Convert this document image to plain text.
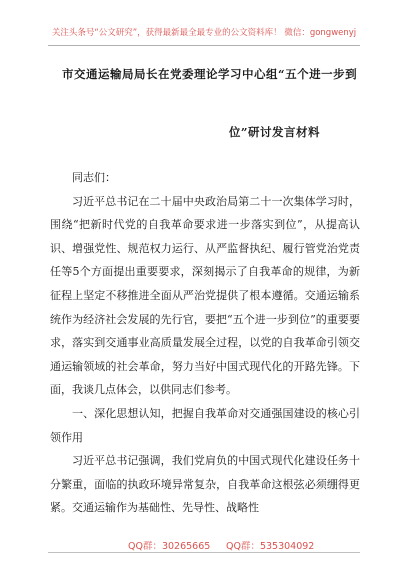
关注头条号“公文研究”，获得最新最全最专业的公文资料库！ 微信：gongwenyj
市交通运输局局长在党委理论学习中心组“五个进一步到
位”研讨发言材料

同志们：

习近平总书记在二十届中央政治局第二十一次集体学习时，围绕“把新时代党的自我革命要求进一步落实到位”，从提高认识、增强党性、规范权力运行、从严监督执纪、履行管党治党责任等5个方面提出重要要求，深刻揭示了自我革命的规律，为新征程上坚定不移推进全面从严治党提供了根本遵循。交通运输系统作为经济社会发展的先行官，要把“五个进一步到位”的重要要求，落实到交通事业高质量发展全过程，以党的自我革命引领交通运输领域的社会革命，努力当好中国式现代化的开路先锋。下面，我谈几点体会，以供同志们参考。

一、深化思想认知，把握自我革命对交通强国建设的核心引领作用

习近平总书记强调，我们党肩负的中国式现代化建设任务十分繁重，面临的执政环境异常复杂，自我革命这根弦必须绷得更紧。交通运输作为基础性、先导性、战略性

QQ群：30265665 QQ群：535304092
